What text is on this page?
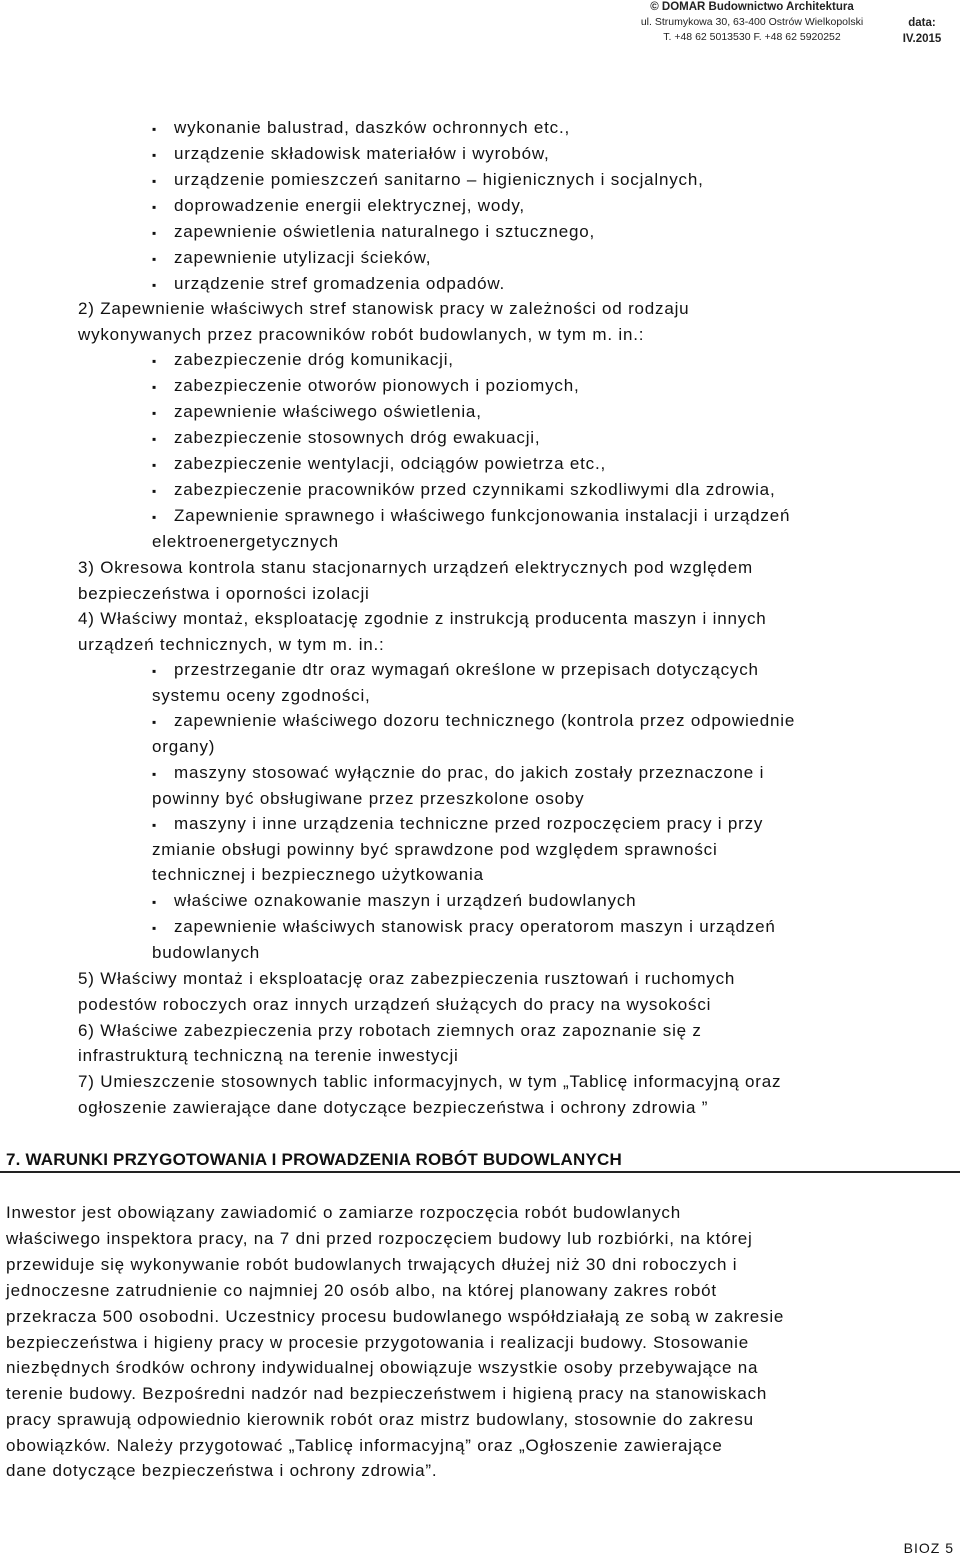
© DOMAR Budownictwo Architektura
ul. Strumykowa 30, 63-400 Ostrów Wielkopolski
T. +48 62 5013530 F. +48 62 5920252
data:
IV.2015
▪ wykonanie balustrad, daszków ochronnych etc.,
▪ urządzenie składowisk materiałów i wyrobów,
▪ urządzenie pomieszczeń sanitarno – higienicznych i socjalnych,
▪ doprowadzenie energii elektrycznej, wody,
▪ zapewnienie oświetlenia naturalnego i sztucznego,
▪ zapewnienie utylizacji ścieków,
▪ urządzenie stref gromadzenia odpadów.
2) Zapewnienie właściwych stref stanowisk pracy w zależności od rodzaju
wykonywanych przez pracowników robót budowlanych, w tym m. in.:
▪ zabezpieczenie dróg komunikacji,
▪ zabezpieczenie otworów pionowych i poziomych,
▪ zapewnienie właściwego oświetlenia,
▪ zabezpieczenie stosownych dróg ewakuacji,
▪ zabezpieczenie wentylacji, odciągów powietrza etc.,
▪ zabezpieczenie pracowników przed czynnikami szkodliwymi dla zdrowia,
▪ Zapewnienie sprawnego i właściwego funkcjonowania instalacji i urządzeń
elektroenergetycznych
3) Okresowa kontrola stanu stacjonarnych urządzeń elektrycznych pod względem
bezpieczeństwa i oporności izolacji
4) Właściwy montaż, eksploatację zgodnie z instrukcją producenta maszyn i innych
urządzeń technicznych, w tym m. in.:
▪ przestrzeganie dtr oraz wymagań określone w przepisach dotyczących
systemu oceny zgodności,
▪ zapewnienie właściwego dozoru technicznego (kontrola przez odpowiednie
organy)
▪ maszyny stosować wyłącznie do prac, do jakich zostały przeznaczone i
powinny być obsługiwane przez przeszkolone osoby
▪ maszyny i inne urządzenia techniczne przed rozpoczęciem pracy i przy
zmianie obsługi powinny być sprawdzone pod względem sprawności
technicznej i bezpiecznego użytkowania
▪ właściwe oznakowanie maszyn i urządzeń budowlanych
▪ zapewnienie właściwych stanowisk pracy operatorom maszyn i urządzeń
budowlanych
5) Właściwy montaż i eksploatację oraz zabezpieczenia rusztowań i ruchomych
podestów roboczych oraz innych urządzeń służących do pracy na wysokości
6) Właściwe zabezpieczenia przy robotach ziemnych oraz zapoznanie się z
infrastrukturą techniczną na terenie inwestycji
7) Umieszczenie stosownych tablic informacyjnych, w tym „Tablicę informacyjną oraz
ogłoszenie zawierające dane dotyczące bezpieczeństwa i ochrony zdrowia ”
7. WARUNKI PRZYGOTOWANIA I PROWADZENIA ROBÓT BUDOWLANYCH
Inwestor jest obowiązany zawiadomić o zamiarze rozpoczęcia robót budowlanych
właściwego inspektora pracy, na 7 dni przed rozpoczęciem budowy lub rozbiórki, na której
przewiduje się wykonywanie robót budowlanych trwających dłużej niż 30 dni roboczych i
jednoczesne zatrudnienie co najmniej 20 osób albo, na której planowany zakres robót
przekracza 500 osobodni. Uczestnicy procesu budowlanego współdziałają ze sobą w zakresie
bezpieczeństwa i higieny pracy w procesie przygotowania i realizacji budowy. Stosowanie
niezbędnych środków ochrony indywidualnej obowiązuje wszystkie osoby przebywające na
terenie budowy. Bezpośredni nadzór nad bezpieczeństwem i higieną pracy na stanowiskach
pracy sprawują odpowiednio kierownik robót oraz mistrz budowlany, stosownie do zakresu
obowiązków. Należy przygotować „Tablicę informacyjną” oraz „Ogłoszenie zawierające
dane dotyczące bezpieczeństwa i ochrony zdrowia”.
BIOZ 5
